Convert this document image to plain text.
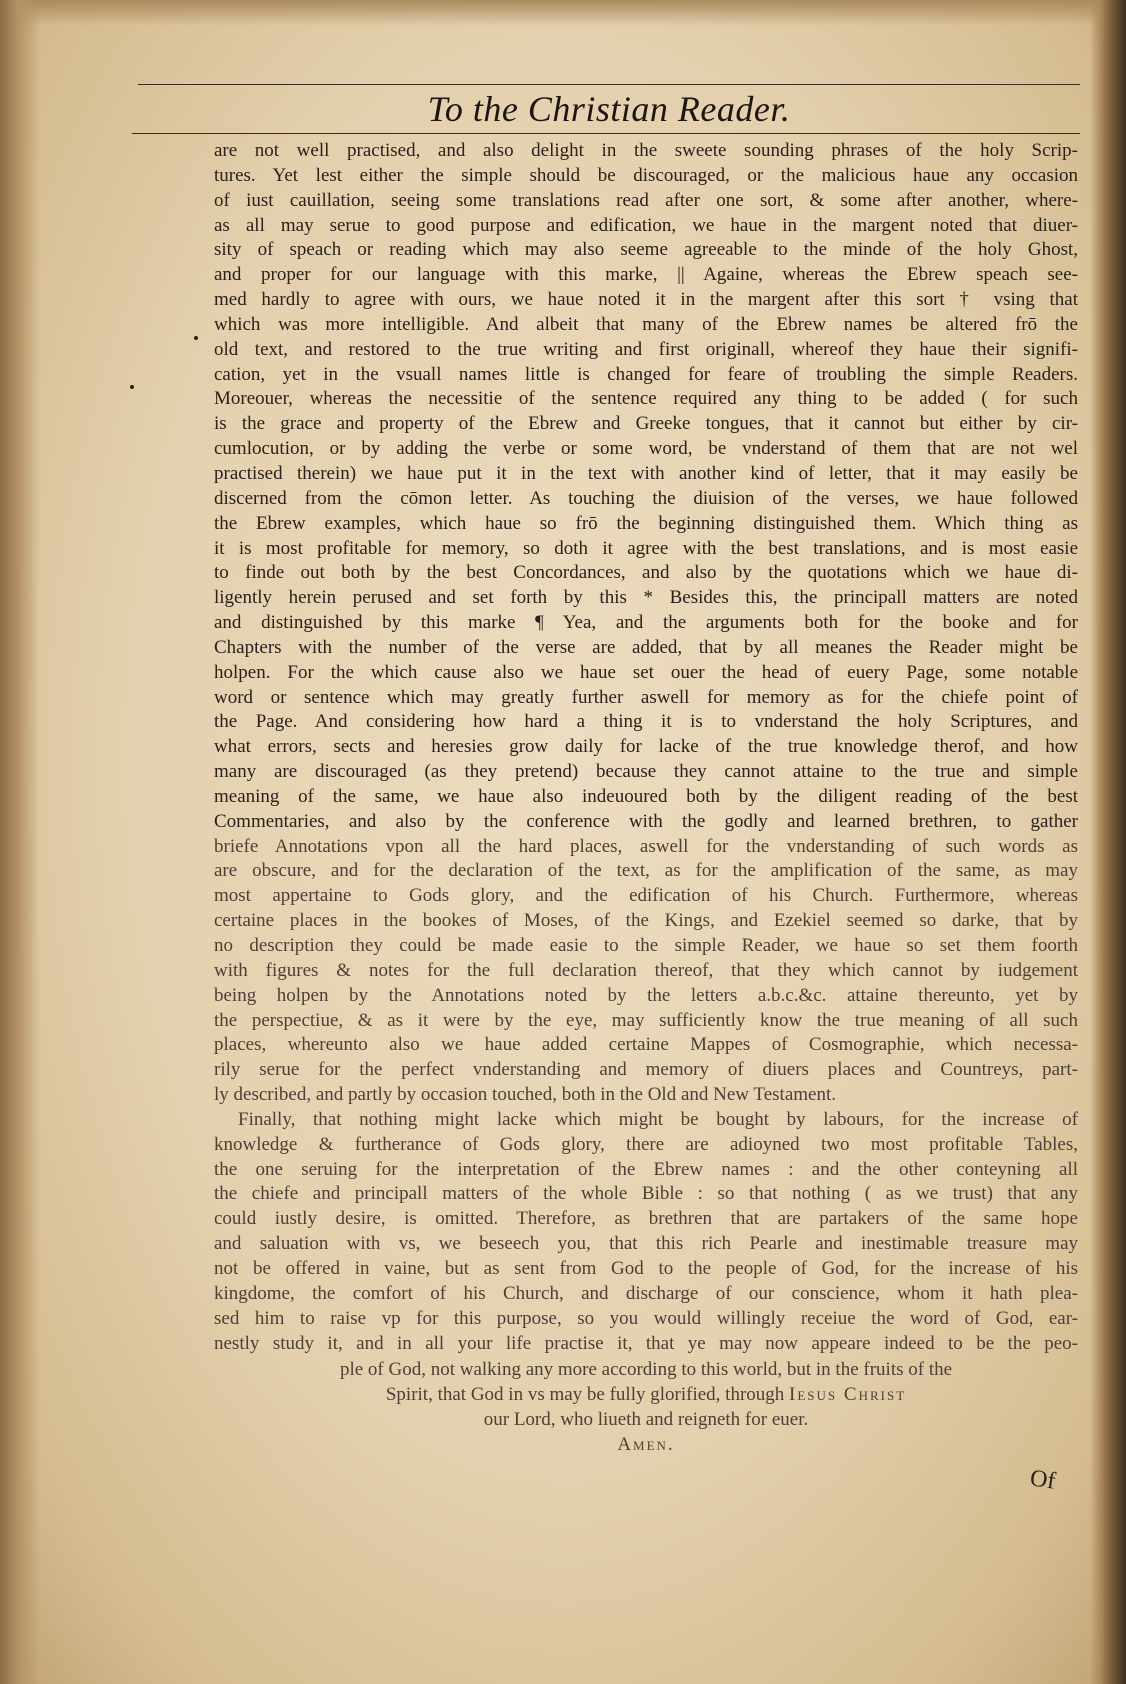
To the Christian Reader.
are not well practised, and also delight in the sweete sounding phrases of the holy Scrip-
tures. Yet lest either the simple should be discouraged, or the malicious haue any occasion
of iust cauillation, seeing some translations read after one sort, & some after another, where-
as all may serue to good purpose and edification, we haue in the margent noted that diuer-
sity of speach or reading which may also seeme agreeable to the minde of the holy Ghost,
and proper for our language with this marke, || Againe, whereas the Ebrew speach see-
med hardly to agree with ours, we haue noted it in the margent after this sort † vsing that
which was more intelligible. And albeit that many of the Ebrew names be altered frō the
old text, and restored to the true writing and first originall, whereof they haue their signifi-
cation, yet in the vsuall names little is changed for feare of troubling the simple Readers.
Moreouer, whereas the necessitie of the sentence required any thing to be added ( for such
is the grace and property of the Ebrew and Greeke tongues, that it cannot but either by cir-
cumlocution, or by adding the verbe or some word, be vnderstand of them that are not wel
practised therein) we haue put it in the text with another kind of letter, that it may easily be
discerned from the cōmon letter. As touching the diuision of the verses, we haue followed
the Ebrew examples, which haue so frō the beginning distinguished them. Which thing as
it is most profitable for memory, so doth it agree with the best translations, and is most easie
to finde out both by the best Concordances, and also by the quotations which we haue di-
ligently herein perused and set forth by this * Besides this, the principall matters are noted
and distinguished by this marke ¶ Yea, and the arguments both for the booke and for
Chapters with the number of the verse are added, that by all meanes the Reader might be
holpen. For the which cause also we haue set ouer the head of euery Page, some notable
word or sentence which may greatly further aswell for memory as for the chiefe point of
the Page. And considering how hard a thing it is to vnderstand the holy Scriptures, and
what errors, sects and heresies grow daily for lacke of the true knowledge therof, and how
many are discouraged (as they pretend) because they cannot attaine to the true and simple
meaning of the same, we haue also indeuoured both by the diligent reading of the best
Commentaries, and also by the conference with the godly and learned brethren, to gather
briefe Annotations vpon all the hard places, aswell for the vnderstanding of such words as
are obscure, and for the declaration of the text, as for the amplification of the same, as may
most appertaine to Gods glory, and the edification of his Church. Furthermore, whereas
certaine places in the bookes of Moses, of the Kings, and Ezekiel seemed so darke, that by
no description they could be made easie to the simple Reader, we haue so set them foorth
with figures & notes for the full declaration thereof, that they which cannot by iudgement
being holpen by the Annotations noted by the letters a.b.c.&c. attaine thereunto, yet by
the perspectiue, & as it were by the eye, may sufficiently know the true meaning of all such
places, whereunto also we haue added certaine Mappes of Cosmographie, which necessa-
rily serue for the perfect vnderstanding and memory of diuers places and Countreys, part-
ly described, and partly by occasion touched, both in the Old and New Testament.
Finally, that nothing might lacke which might be bought by labours, for the increase of
knowledge & furtherance of Gods glory, there are adioyned two most profitable Tables,
the one seruing for the interpretation of the Ebrew names : and the other conteyning all
the chiefe and principall matters of the whole Bible : so that nothing ( as we trust) that any
could iustly desire, is omitted. Therefore, as brethren that are partakers of the same hope
and saluation with vs, we beseech you, that this rich Pearle and inestimable treasure may
not be offered in vaine, but as sent from God to the people of God, for the increase of his
kingdome, the comfort of his Church, and discharge of our conscience, whom it hath plea-
sed him to raise vp for this purpose, so you would willingly receiue the word of God, ear-
nestly study it, and in all your life practise it, that ye may now appeare indeed to be the peo-
ple of God, not walking any more according to this world, but in the fruits of the
Spirit, that God in vs may be fully glorified, through Iesus Christ
our Lord, who liueth and reigneth for euer.
Amen.
Of
